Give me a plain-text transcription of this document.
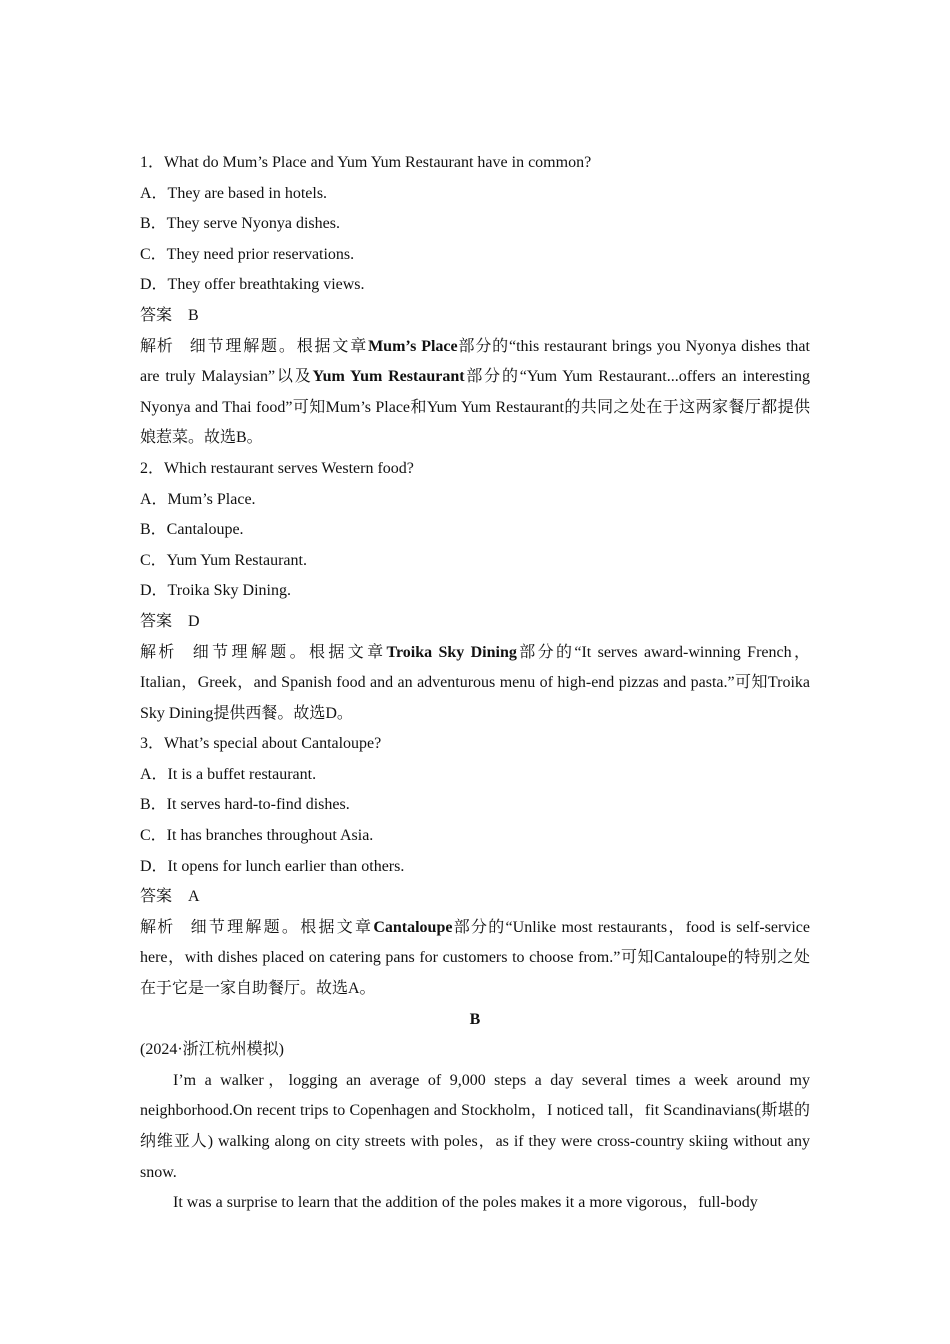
1．What do Mum’s Place and Yum Yum Restaurant have in common?

A．They are based in hotels.

B．They serve Nyonya dishes.

C．They need prior reservations.

D．They offer breathtaking views.

答案 B

解析 细节理解题。根据文章Mum’s Place部分的“this restaurant brings you Nyonya dishes that are truly Malaysian”以及Yum Yum Restaurant部分的“Yum Yum Restaurant...offers an interesting Nyonya and Thai food”可知Mum’s Place和Yum Yum Restaurant的共同之处在于这两家餐厅都提供娘惹菜。故选B。

2．Which restaurant serves Western food?

A．Mum’s Place.

B．Cantaloupe.

C．Yum Yum Restaurant.

D．Troika Sky Dining.

答案 D

解析 细节理解题。根据文章Troika Sky Dining部分的“It serves award-winning French，Italian，Greek，and Spanish food and an adventurous menu of high-end pizzas and pasta.”可知Troika Sky Dining提供西餐。故选D。

3．What’s special about Cantaloupe?

A．It is a buffet restaurant.

B．It serves hard-to-find dishes.

C．It has branches throughout Asia.

D．It opens for lunch earlier than others.

答案 A

解析 细节理解题。根据文章Cantaloupe部分的“Unlike most restaurants，food is self-service here，with dishes placed on catering pans for customers to choose from.”可知Cantaloupe的特别之处在于它是一家自助餐厅。故选A。

B

(2024·浙江杭州模拟)

I’m a walker，logging an average of 9,000 steps a day several times a week around my neighborhood.On recent trips to Copenhagen and Stockholm，I noticed tall，fit Scandinavians(斯堪的纳维亚人) walking along on city streets with poles，as if they were cross-country skiing without any snow.

It was a surprise to learn that the addition of the poles makes it a more vigorous，full-body
